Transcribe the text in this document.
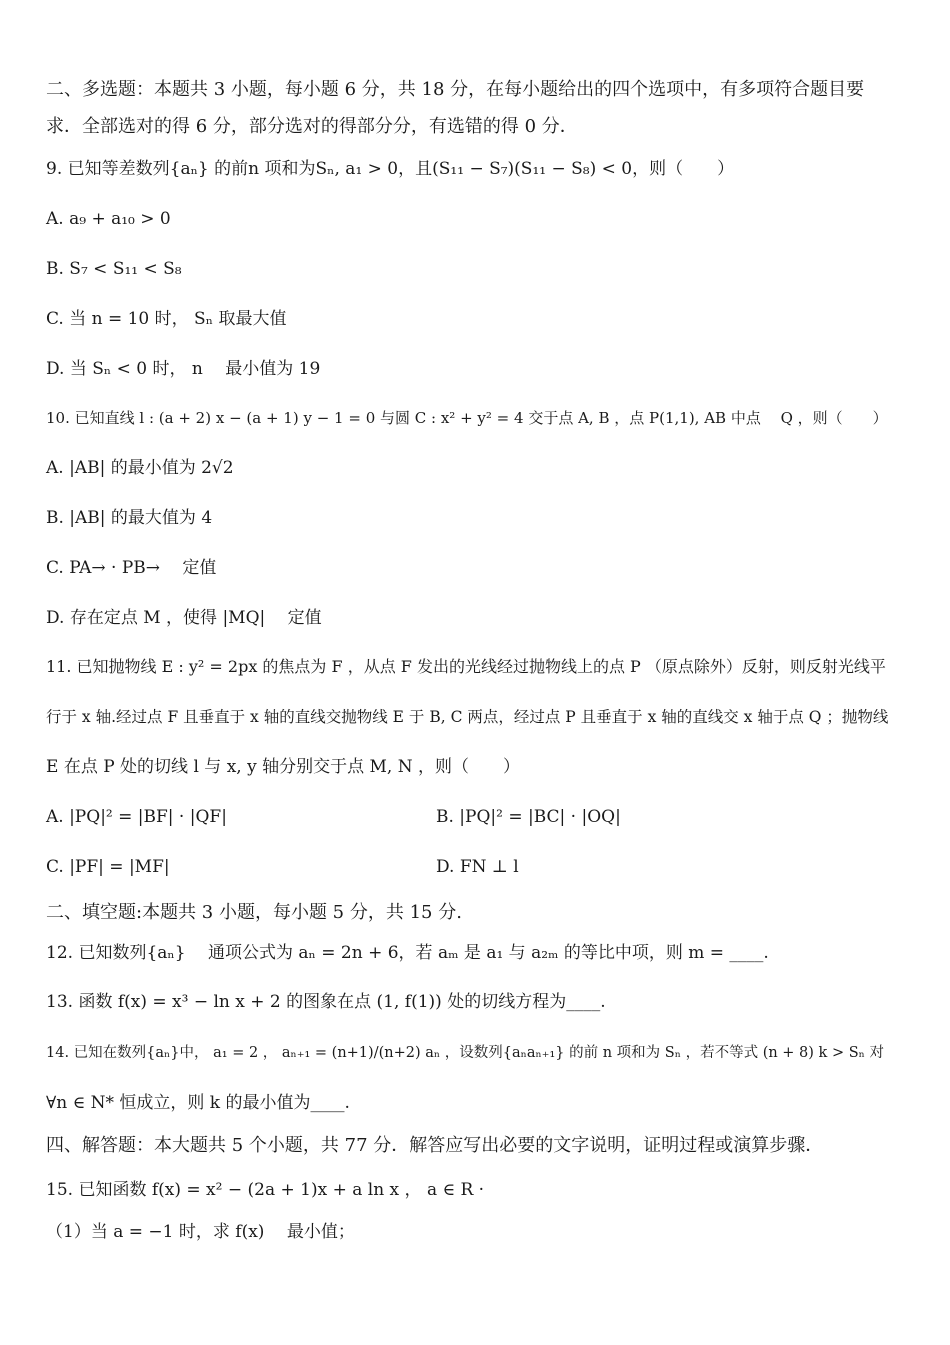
二、多选题：本题共 3 小题，每小题 6 分，共 18 分，在每小题给出的四个选项中，有多项符合题目要
求．全部选对的得 6 分，部分选对的得部分分，有选错的得 0 分．
9. 已知等差数列{aₙ} 的前n 项和为Sₙ, a₁ > 0，且(S₁₁ − S₇)(S₁₁ − S₈) < 0，则（　　）
A. a₉ + a₁₀ > 0
B. S₇ < S₁₁ < S₈
C. 当 n = 10 时， Sₙ 取最大值
D. 当 Sₙ < 0 时， n　 最小值为 19
10. 已知直线 l : (a + 2) x − (a + 1) y − 1 = 0 与圆 C : x² + y² = 4 交于点 A, B ，点 P(1,1), AB 中点　 Q ，则（　　）
A. |AB| 的最小值为 2√2
B. |AB| 的最大值为 4
C. PA→ · PB→　 定值
D. 存在定点 M ，使得 |MQ|　 定值
11. 已知抛物线 E : y² = 2px 的焦点为 F ，从点 F 发出的光线经过抛物线上的点 P （原点除外）反射，则反射光线平
行于 x 轴.经过点 F 且垂直于 x 轴的直线交抛物线 E 于 B, C 两点，经过点 P 且垂直于 x 轴的直线交 x 轴于点 Q ；抛物线
E 在点 P 处的切线 l 与 x, y 轴分别交于点 M, N ，则（　　）
A. |PQ|² = |BF| · |QF|	B. |PQ|² = |BC| · |OQ|
C. |PF| = |MF|	D. FN ⊥ l
二、填空题:本题共 3 小题，每小题 5 分，共 15 分.
12. 已知数列{aₙ}　 通项公式为 aₙ = 2n + 6，若 aₘ 是 a₁ 与 a₂ₘ 的等比中项，则 m = ____.
13. 函数 f(x) = x³ − ln x + 2 的图象在点 (1, f(1)) 处的切线方程为____.
14. 已知在数列{aₙ}中， a₁ = 2 ， aₙ₊₁ = (n+1)/(n+2) aₙ ，设数列{aₙaₙ₊₁} 的前 n 项和为 Sₙ ，若不等式 (n + 8) k > Sₙ 对
∀n ∈ N* 恒成立，则 k 的最小值为____.
四、解答题：本大题共 5 个小题，共 77 分．解答应写出必要的文字说明，证明过程或演算步骤．
15. 已知函数 f(x) = x² − (2a + 1)x + a ln x ， a ∈ R ·
（1）当 a = −1 时，求 f(x)　 最小值；
